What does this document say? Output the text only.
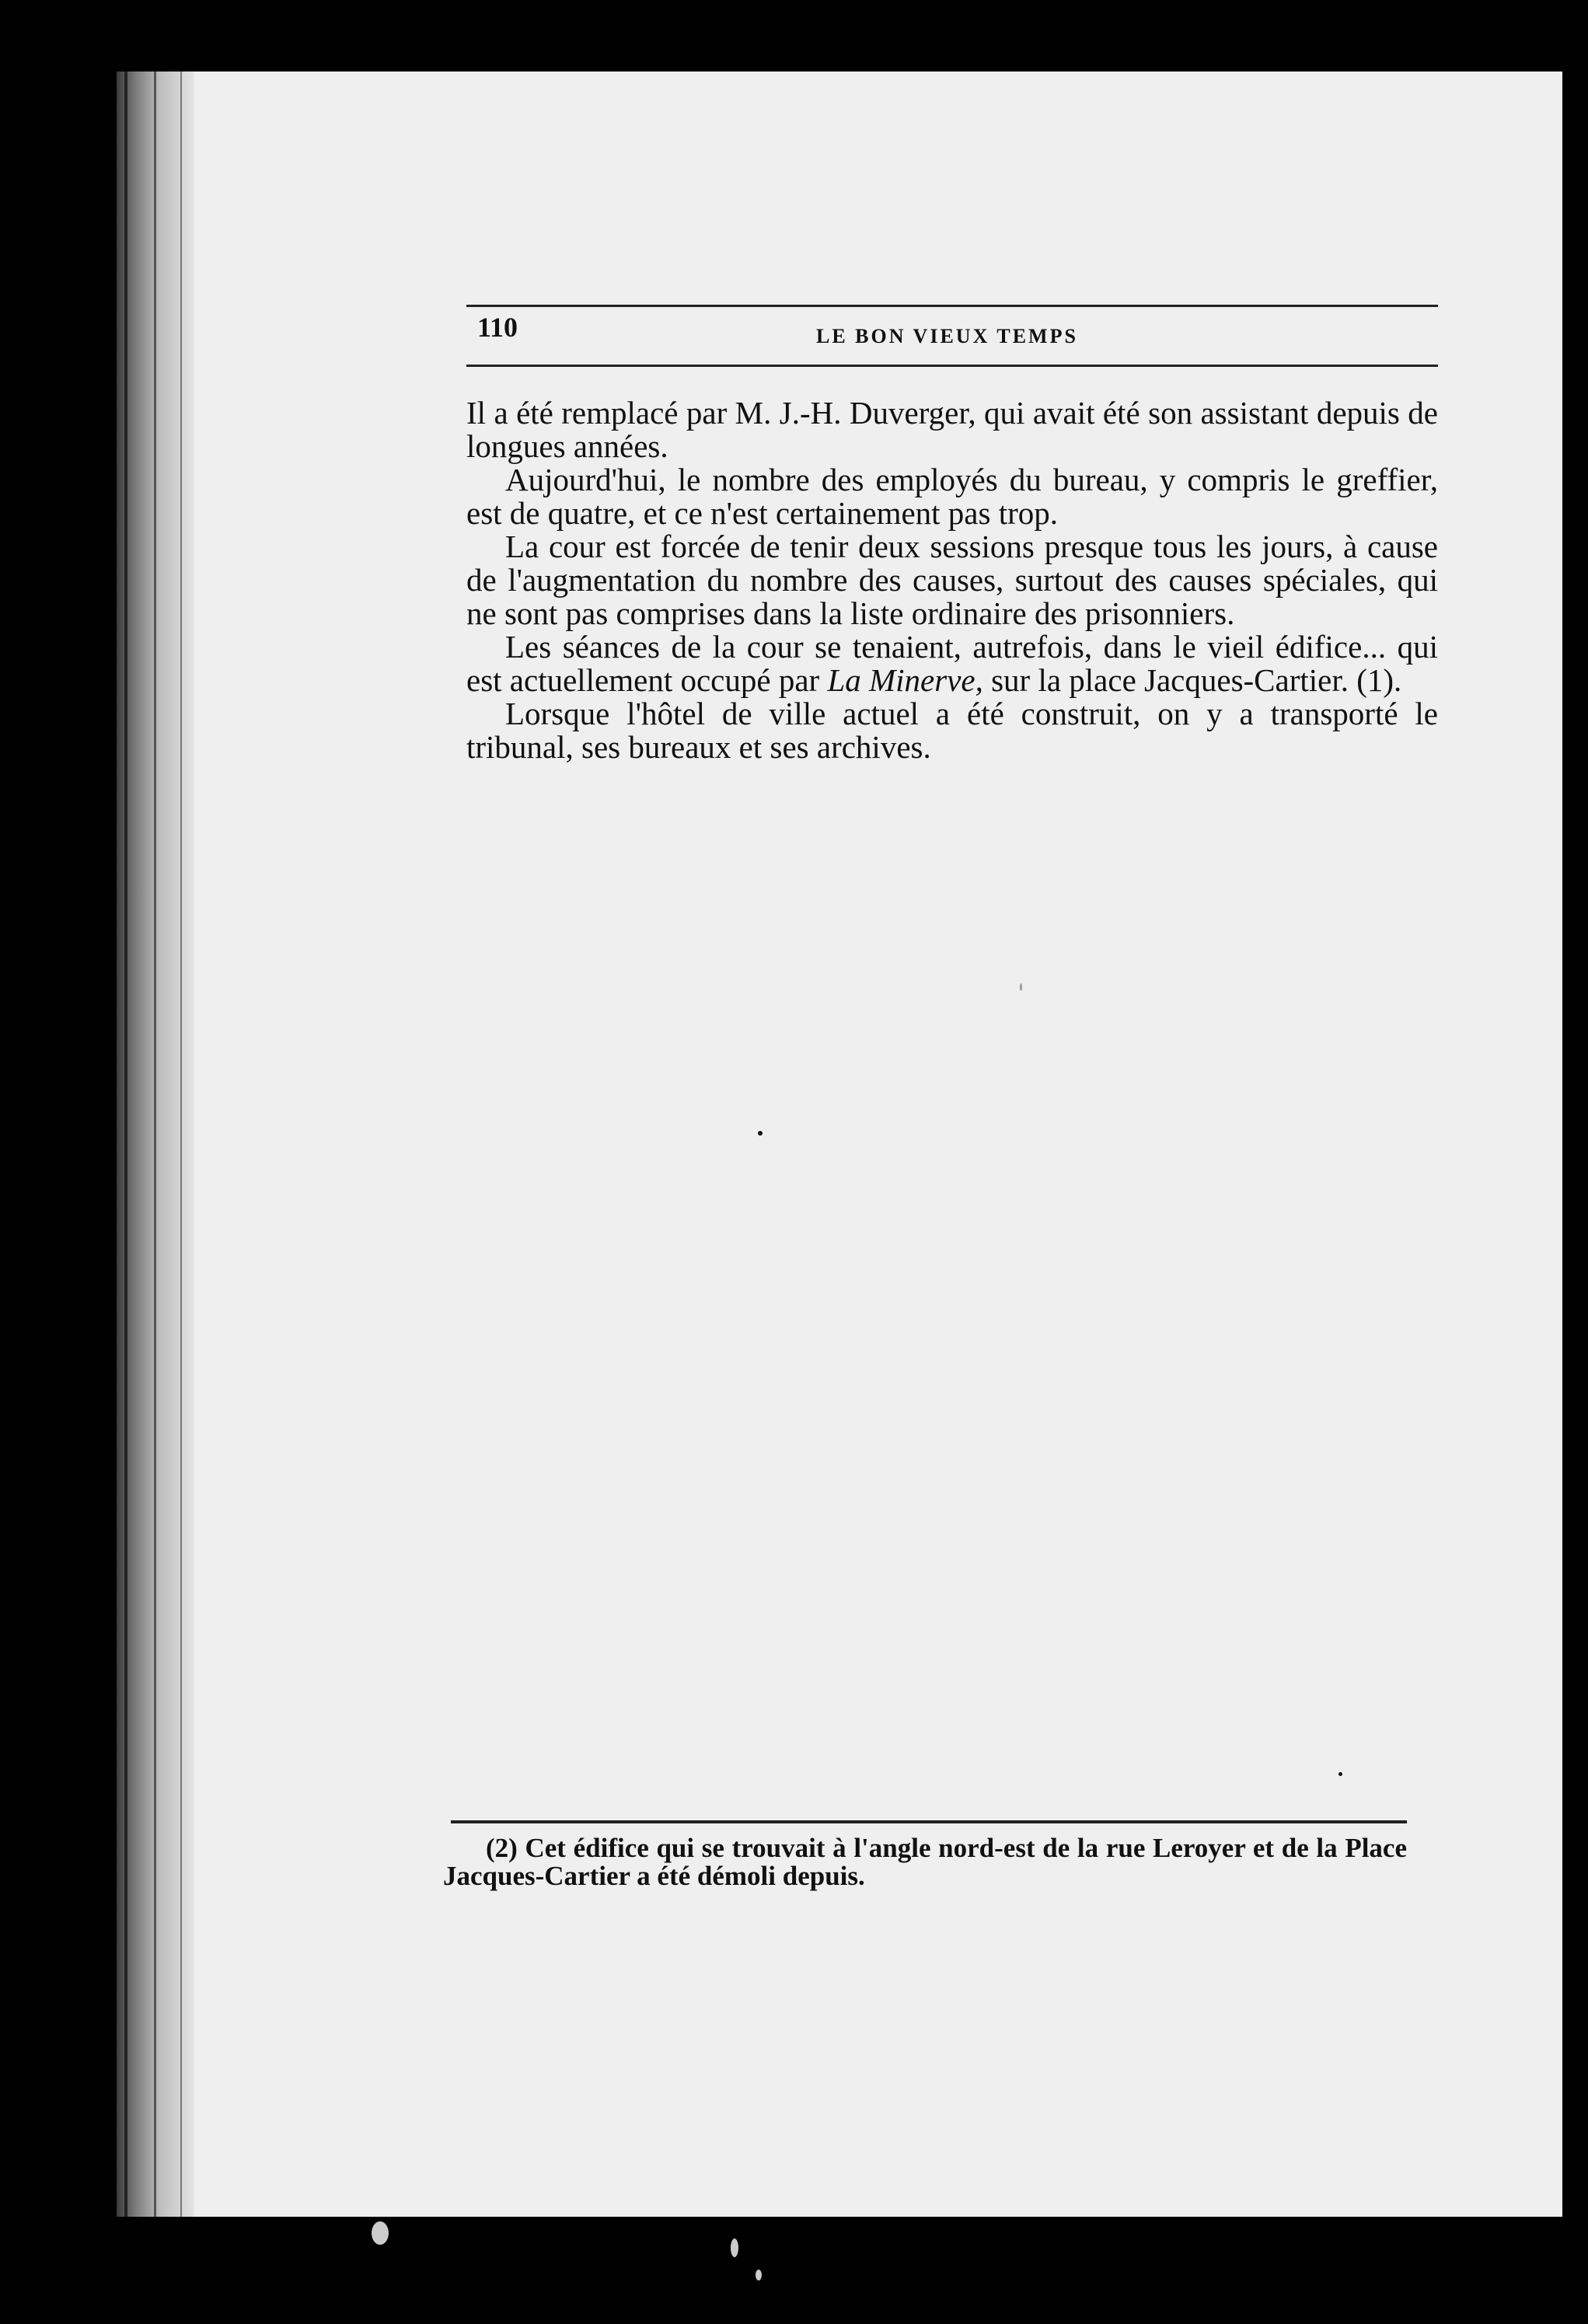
110	LE BON VIEUX TEMPS

Il a été remplacé par M. J.-H. Duverger, qui avait été son assistant depuis de longues années.

Aujourd'hui, le nombre des employés du bureau, y compris le greffier, est de quatre, et ce n'est certainement pas trop.

La cour est forcée de tenir deux sessions presque tous les jours, à cause de l'augmentation du nombre des causes, surtout des causes spéciales, qui ne sont pas comprises dans la liste ordinaire des prisonniers.

Les séances de la cour se tenaient, autrefois, dans le vieil édifice... qui est actuellement occupé par La Minerve, sur la place Jacques-Cartier. (1).

Lorsque l'hôtel de ville actuel a été construit, on y a transporté le tribunal, ses bureaux et ses archives.

(2) Cet édifice qui se trouvait à l'angle nord-est de la rue Leroyer et de la Place Jacques-Cartier a été démoli depuis.
